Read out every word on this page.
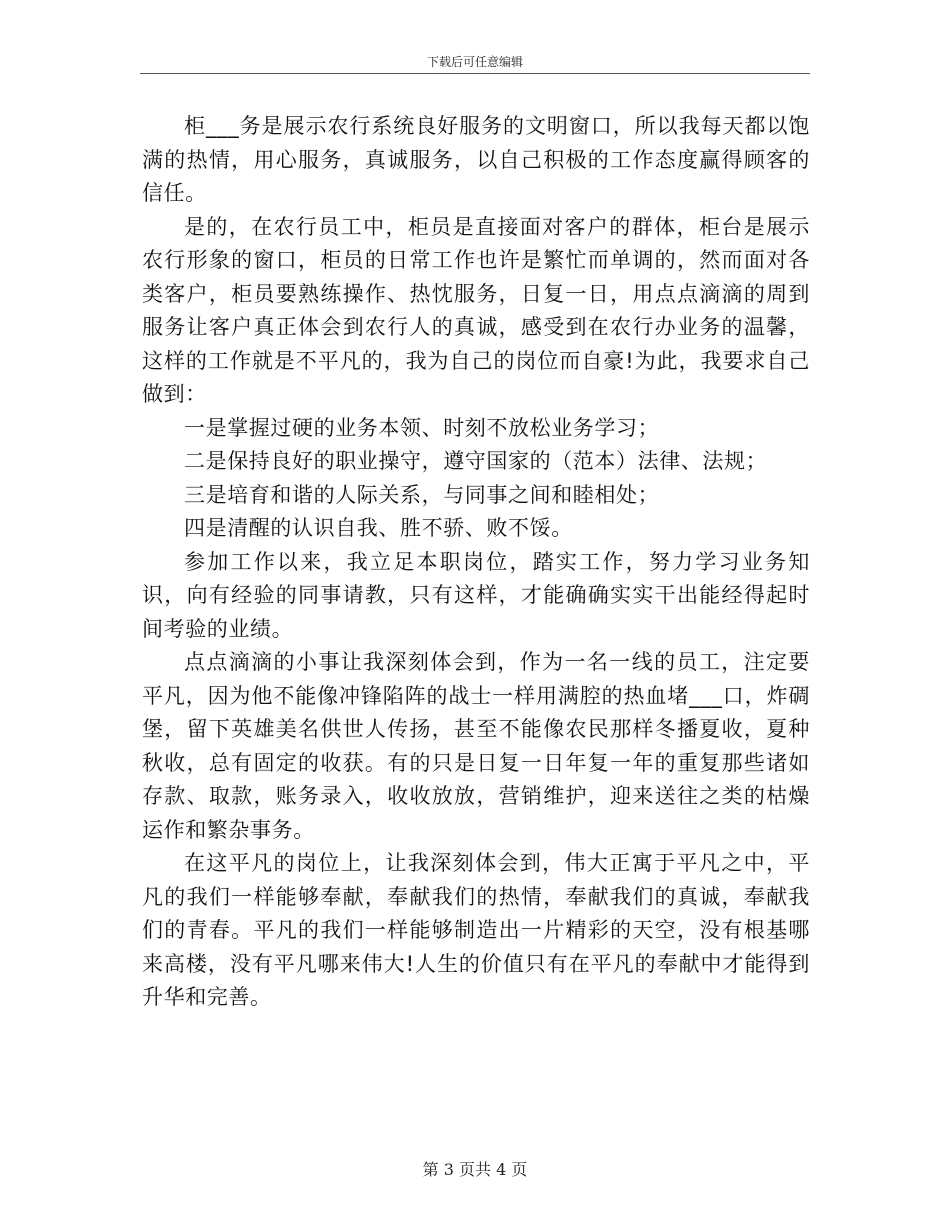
下载后可任意编辑

柜___务是展示农行系统良好服务的文明窗口，所以我每天都以饱满的热情，用心服务，真诚服务，以自己积极的工作态度赢得顾客的信任。

是的，在农行员工中，柜员是直接面对客户的群体，柜台是展示农行形象的窗口，柜员的日常工作也许是繁忙而单调的，然而面对各类客户，柜员要熟练操作、热忱服务，日复一日，用点点滴滴的周到服务让客户真正体会到农行人的真诚，感受到在农行办业务的温馨，这样的工作就是不平凡的，我为自己的岗位而自豪!为此，我要求自己做到：

一是掌握过硬的业务本领、时刻不放松业务学习；

二是保持良好的职业操守，遵守国家的（范本）法律、法规；

三是培育和谐的人际关系，与同事之间和睦相处；

四是清醒的认识自我、胜不骄、败不馁。

参加工作以来，我立足本职岗位，踏实工作，努力学习业务知识，向有经验的同事请教，只有这样，才能确确实实干出能经得起时间考验的业绩。

点点滴滴的小事让我深刻体会到，作为一名一线的员工，注定要平凡，因为他不能像冲锋陷阵的战士一样用满腔的热血堵___口，炸碉堡，留下英雄美名供世人传扬，甚至不能像农民那样冬播夏收，夏种秋收，总有固定的收获。有的只是日复一日年复一年的重复那些诸如存款、取款，账务录入，收收放放，营销维护，迎来送往之类的枯燥运作和繁杂事务。

在这平凡的岗位上，让我深刻体会到，伟大正寓于平凡之中，平凡的我们一样能够奉献，奉献我们的热情，奉献我们的真诚，奉献我们的青春。平凡的我们一样能够制造出一片精彩的天空，没有根基哪来高楼，没有平凡哪来伟大!人生的价值只有在平凡的奉献中才能得到升华和完善。

第 3 页共 4 页
